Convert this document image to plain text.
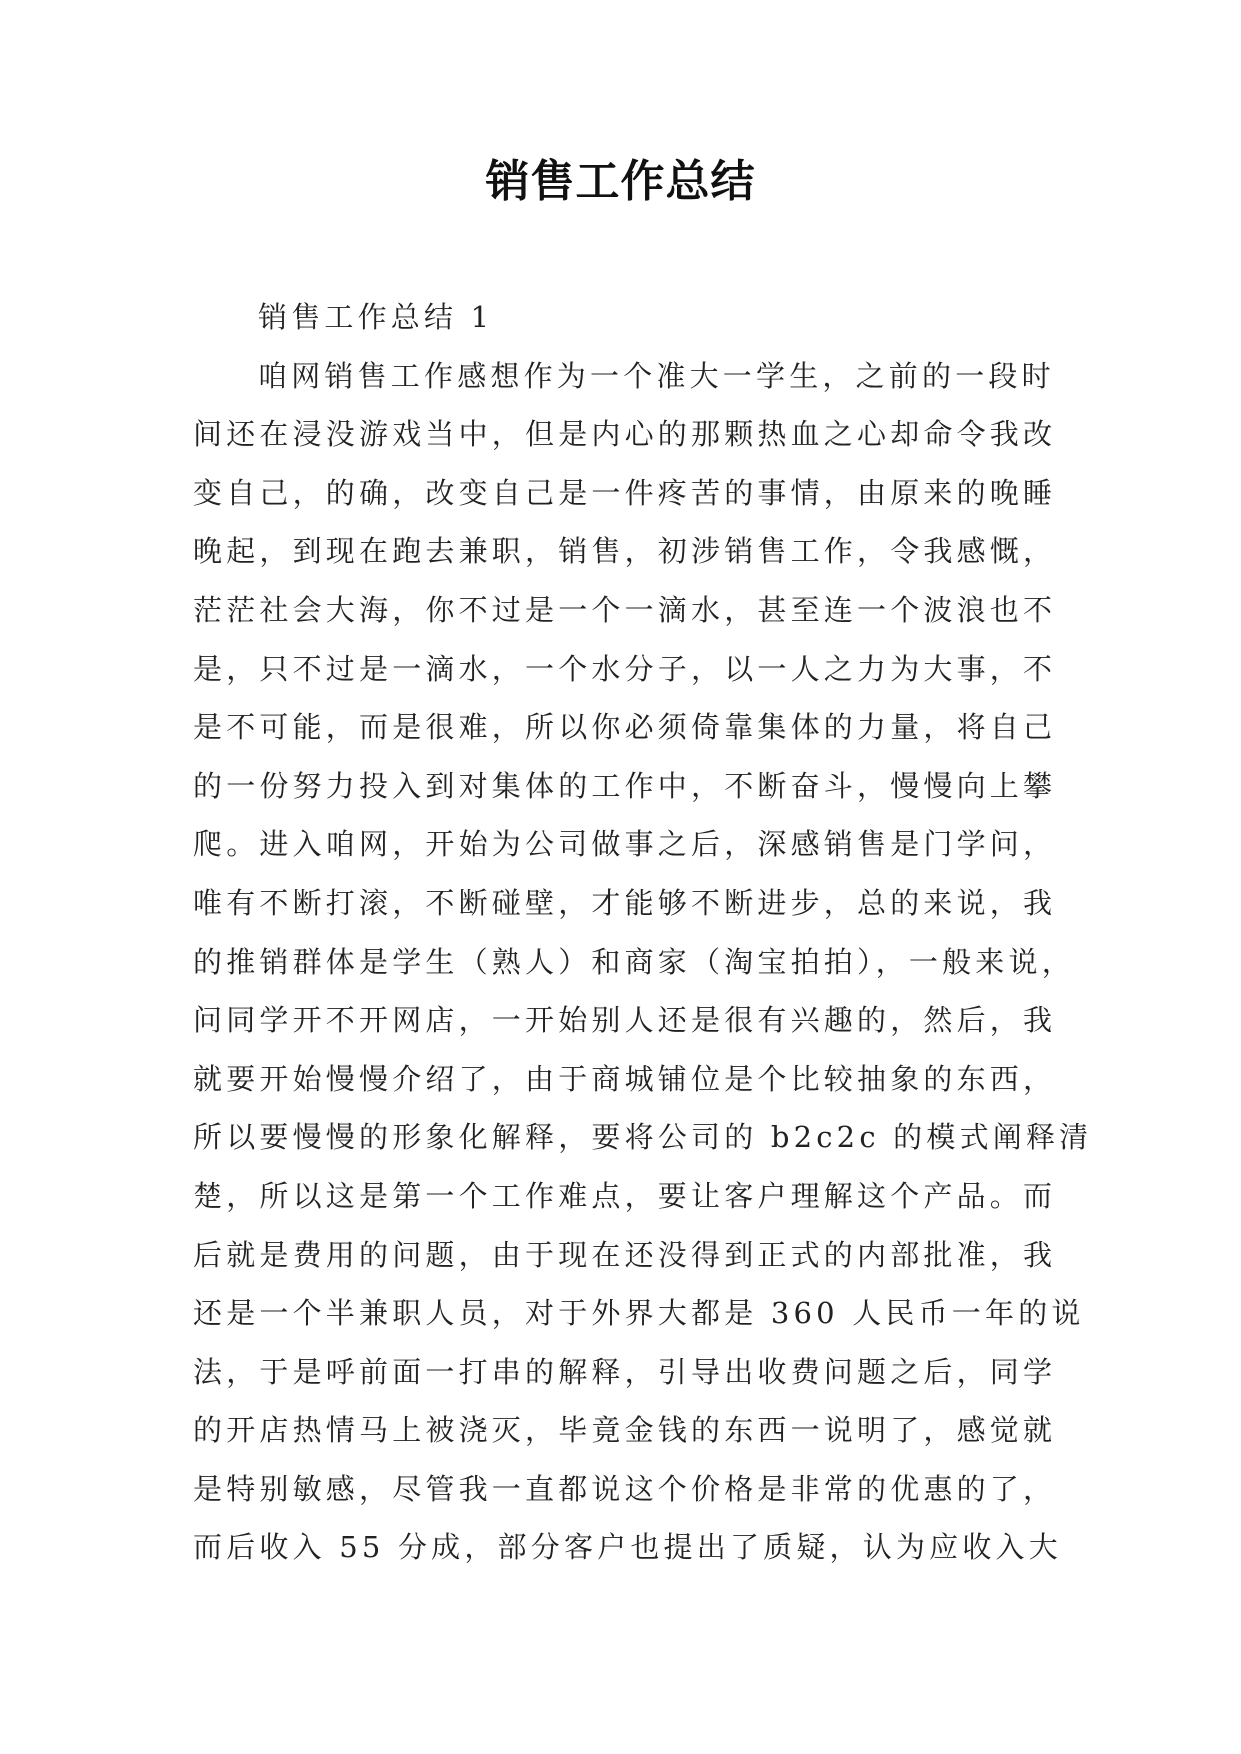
销售工作总结
销售工作总结 1
咱网销售工作感想作为一个准大一学生，之前的一段时
间还在浸没游戏当中，但是内心的那颗热血之心却命令我改
变自己，的确，改变自己是一件疼苦的事情，由原来的晚睡
晚起，到现在跑去兼职，销售，初涉销售工作，令我感慨，
茫茫社会大海，你不过是一个一滴水，甚至连一个波浪也不
是，只不过是一滴水，一个水分子，以一人之力为大事，不
是不可能，而是很难，所以你必须倚靠集体的力量，将自己
的一份努力投入到对集体的工作中，不断奋斗，慢慢向上攀
爬。进入咱网，开始为公司做事之后，深感销售是门学问，
唯有不断打滚，不断碰壁，才能够不断进步，总的来说，我
的推销群体是学生（熟人）和商家（淘宝拍拍），一般来说，
问同学开不开网店，一开始别人还是很有兴趣的，然后，我
就要开始慢慢介绍了，由于商城铺位是个比较抽象的东西，
所以要慢慢的形象化解释，要将公司的 b2c2c 的模式阐释清
楚，所以这是第一个工作难点，要让客户理解这个产品。而
后就是费用的问题，由于现在还没得到正式的内部批准，我
还是一个半兼职人员，对于外界大都是 360 人民币一年的说
法，于是呼前面一打串的解释，引导出收费问题之后，同学
的开店热情马上被浇灭，毕竟金钱的东西一说明了，感觉就
是特别敏感，尽管我一直都说这个价格是非常的优惠的了，
而后收入 55 分成，部分客户也提出了质疑，认为应收入大
